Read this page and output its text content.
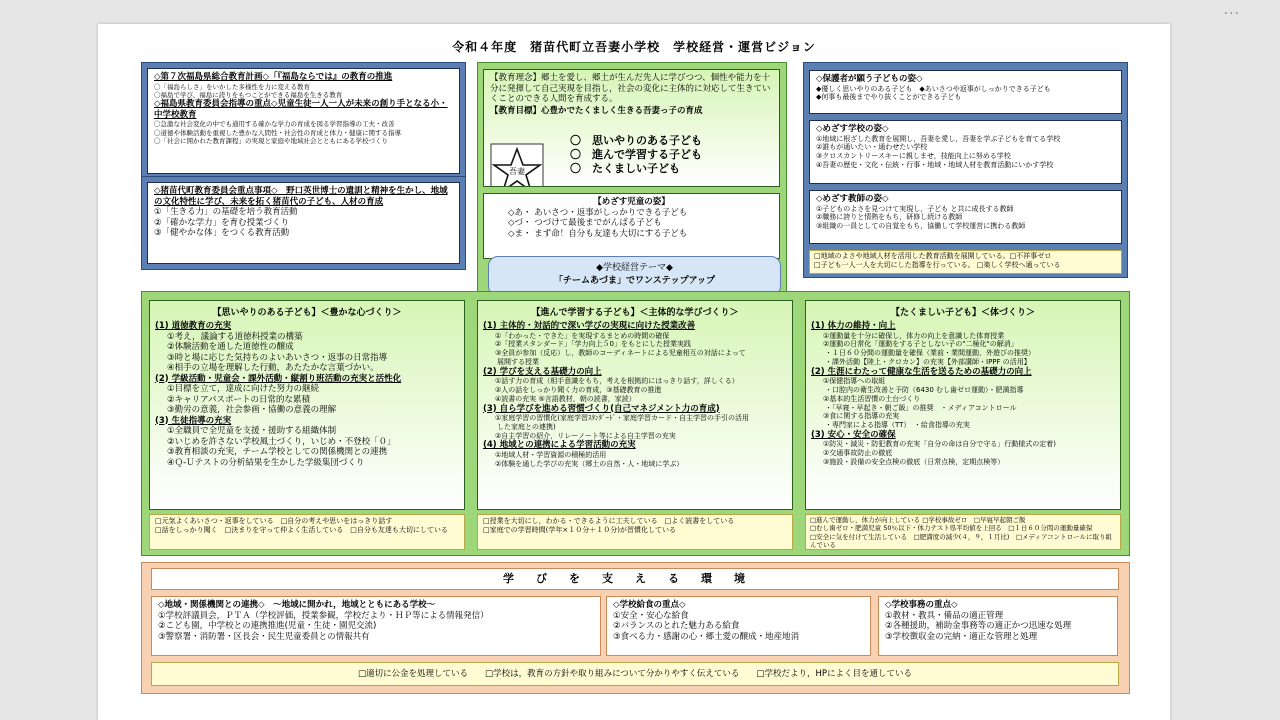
···
令和４年度　猪苗代町立吾妻小学校　学校経営・運営ビジョン
◇第７次福島県総合教育計画◇「『福島ならでは』の教育の推進
〇「福島らしさ」をいかした多様性を力に変える教育
〇福島で学び、福島に誇りをもつことができる福島を生きる教育
◇福島県教育委員会指導の重点◇児童生徒一人一人が未来の創り手となる小・中学校教育
〇急激な社会変化の中でも通用する確かな学力の育成を図る学習指導の工夫・改善
〇道徳や体験活動を重視した豊かな人間性・社会性の育成と体力・健康に関する指導
〇「社会に開かれた教育課程」の実現と家庭や地域社会とともにある学校づくり
◇猪苗代町教育委員会重点事項◇　野口英世博士の遺訓と精神を生かし、地域の文化特性に学び、未来を拓く猪苗代の子ども、人材の育成
①「生きる力」の基礎を培う教育活動
②「確かな学力」を育む授業づくり
③「健やかな体」をつくる教育活動
【教育理念】郷土を愛し、郷土が生んだ先人に学びつつ、個性や能力を十分に発揮して自己実現を目指し，社会の変化に主体的に対応して生きていくことのできる人間を育成する。
【教育目標】心豊かでたくましく生きる吾妻っ子の育成
吾妻
〇　思いやりのある子ども
〇　進んで学習する子ども
〇　たくましい子ども
【めざす児童の姿】
◇あ・ あいさつ・返事がしっかりできる子ども
◇づ・ つづけて最後までがんばる子ども
◇ま・ まず命！自分も友達も大切にする子ども
◆学校経営テーマ◆
「チームあづま」でワンステップアップ
◇保護者が願う子どもの姿◇
◆優しく思いやりのある子ども　◆あいさつや返事がしっかりできる子ども
◆何事も最後までやり抜くことができる子ども
◇めざす学校の姿◇
①地域に根ざした教育を展開し，吾妻を愛し，吾妻を学ぶ子どもを育てる学校
②誰もが通いたい・通わせたい学校
③クロスカントリースキーに親しませ，技能向上に努める学校
④吾妻の歴史・文化・伝統・行事・地域・地域人材を教育活動にいかす学校
◇めざす教師の姿◇
①子どものよさを見つけて実現し，子ども と共に成長する教師
②職務に誇りと情熱をもち，研修し続ける教師
③組織の一員としての自覚をもち，協働して学校運営に携わる教師
□地域のよさや地域人材を活用した教育活動を展開している。□不祥事ゼロ
□子ども一人一人を大切にした指導を行っている。 □楽しく学校へ通っている
【思いやりのある子ども】＜豊かな心づくり＞
(1) 道徳教育の充実
①考え，議論する道徳科授業の構築
②体験活動を通した道徳性の醸成
③時と場に応じた気持ちのよいあいさつ・返事の日常指導
④相手の立場を理解した行動，あたたかな言葉づかい。
(2) 学級活動・児童会・課外活動・縦割り班活動の充実と活性化
①目標を立て，達成に向けた努力の継続
②キャリアパスポートの日常的な累積
③勤労の意義，社会参画・協働の意義の理解
(3) 生徒指導の充実
①全職員で全児童を支援・援助する組織体制
②いじめを許さない学校風土づくり，いじめ・不登校「０」
③教育相談の充実，チーム学校としての関係機関との連携
④Ｑ-Ｕテストの分析結果を生かした学級集団づくり
【進んで学習する子ども】＜主体的な学びづくり＞
(1) 主体的・対話的で深い学びの実現に向けた授業改善
①「わかった・できた」を実現するまとめの時間の確保
②「授業スタンダード」「学力向上５0」をもとにした授業実践
③全員が参加（反応）し，教師のコーディネートによる児童相互の対話によって
展開する授業
(2) 学びを支える基礎力の向上
①話す力の育成（相手意識をもち，考えを根拠的にはっきり話す，詳しくる）
②人の話をしっかり聞く力の育成，③基礎教育の推進
④読書の充実 ⑤言語教材，朝の読書，家読）
(3) 自ら学びを進める習慣づくり(自己マネジメント力の育成)
①家庭学習の習慣化(家庭学習ｽﾀﾝﾀﾞｰﾄﾞ・家庭学習カード・自主学習の手引の活用
した家庭との連携)
②自主学習の紹介，リレーノート等による自主学習の充実
(4) 地域との連携による学習活動の充実
①地域人材・学習資源の積極的活用
②体験を通した学びの充実（郷土の自然・人・地域に学ぶ）
【たくましい子ども】＜体づくり＞
(1) 体力の維持・向上
①運動量を十分に確保し，体力の向上を意識した体育授業
②運動の日常化「運動をする子としない子の"二極化"の解消」
・１日６０分間の運動量を確保（業前・業間運動，外遊びの推奨）
・課外活動【陸上・クロカン】の充実【外部講師・IPPF の活用】
(2) 生涯にわたって健康な生活を送るための基礎力の向上
①保健指導への取組
・口腔内の衛生改善と予防（6430 むし歯ゼロ運動）・肥満指導
②基本的生活習慣の土台づくり
・「早寝・早起き・朝ご飯」の推奨　・メディアコントロール
③食に関する指導の充実
・専門家による指導（TT）　・給食指導の充実
(3) 安心・安全の確保
①防災・減災・防犯教育の充実「自分の命は自分で守る」行動様式の定着)
②交通事故防止の徹底
③施設・設備の安全点検の徹底（日常点検，定期点検等）
□元気よくあいさつ・返事をしている　□自分の考えや思いをはっきり話す
□話をしっかり聞く　□決まりを守って仲よく生活している　□自分も友達も大切にしている
□授業を大切にし，わかる・できるように工夫している　□よく読書をしている
□家庭での学習時間(学年×１０分＋１０分)が習慣化している
□進んで運動し，体力が向上している □学校事故ゼロ　□早寝早起朝ご飯
□むし歯ゼロ・肥満児童 50％以下・体力テスト県平均値を上回る　□１日６０分間の運動量確保
□安全に気を付けて生活している　□肥満度の減少(４，９，１月比)　□メディアコントロールに取り組んでいる
学びを支える環境
◇地域・関係機関との連携◇　～地域に開かれ，地域とともにある学校～
①学校評議員会，ＰＴＡ（学校評価，授業参観，学校だより・ＨＰ等による情報発信）
②こども園，中学校との連携推進(児童・生徒・園児交流)
③警察署・消防署・区長会・民生児童委員との情報共有
◇学校給食の重点◇
①安全・安心な給食
②バランスのとれた魅力ある給食
③食べる力・感謝の心・郷土愛の醸成・地産地消
◇学校事務の重点◇
①教材・教具・備品の適正管理
②各種援助，補助金事務等の適正かつ迅速な処理
③学校徴収金の完納・適正な管理と処理
□適切に公金を処理している　　□学校は，教育の方針や取り組みについて分かりやすく伝えている　　□学校だより，HPによく目を通している
